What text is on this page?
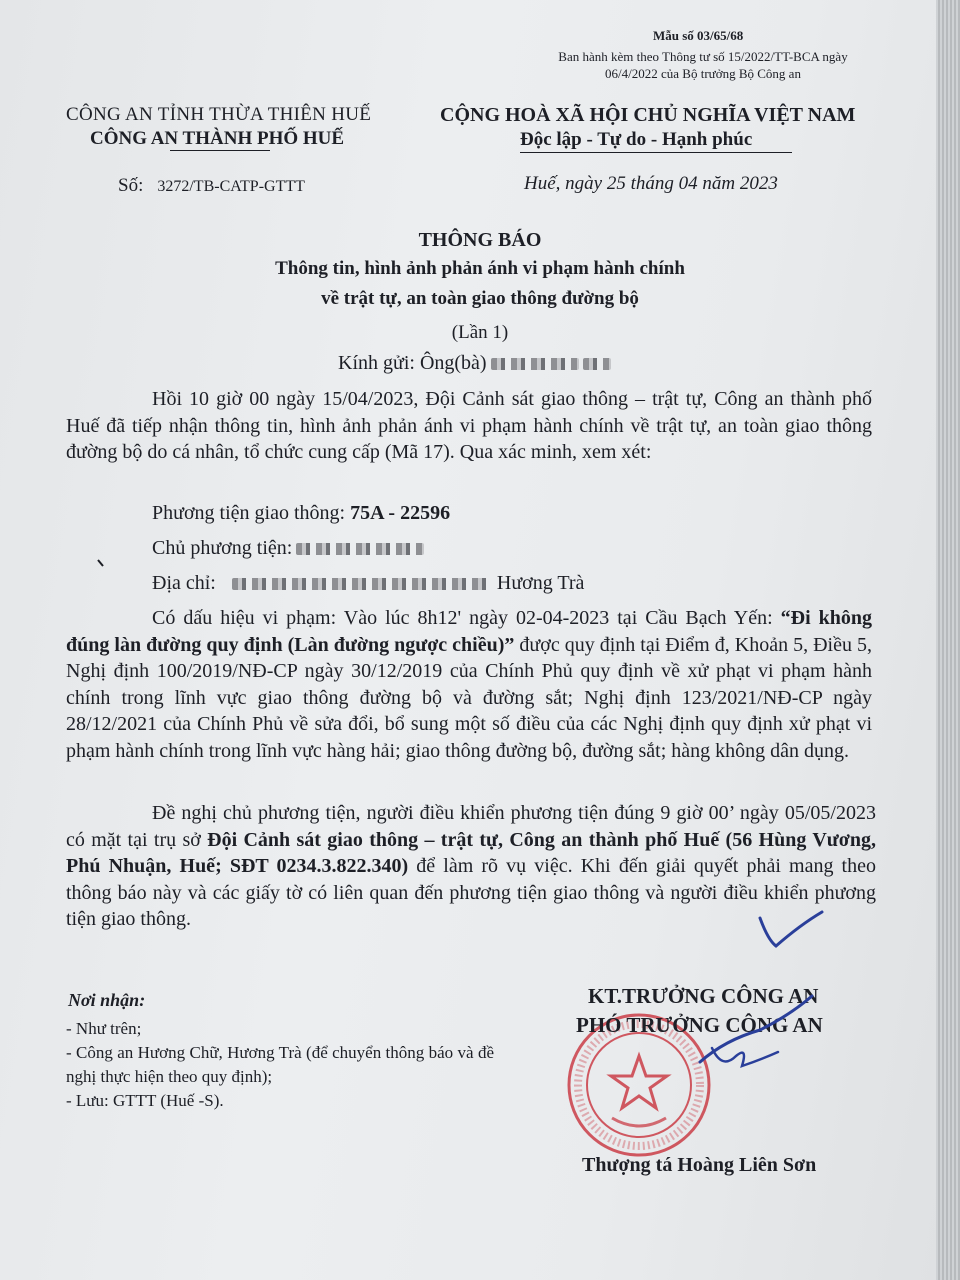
Mẫu số 03/65/68
Ban hành kèm theo Thông tư số 15/2022/TT-BCA ngày 06/4/2022 của Bộ trưởng Bộ Công an
CÔNG AN TỈNH THỪA THIÊN HUẾ
CÔNG AN THÀNH PHỐ HUẾ
CỘNG HOÀ XÃ HỘI CHỦ NGHĨA VIỆT NAM
Độc lập - Tự do - Hạnh phúc
Số: 3272/TB-CATP-GTTT	Huế, ngày 25 tháng 04 năm 2023
THÔNG BÁO
Thông tin, hình ảnh phản ánh vi phạm hành chính
về trật tự, an toàn giao thông đường bộ
(Lần 1)
Kính gửi: Ông(bà)

Hồi 10 giờ 00 ngày 15/04/2023, Đội Cảnh sát giao thông – trật tự, Công an thành phố Huế đã tiếp nhận thông tin, hình ảnh phản ánh vi phạm hành chính về trật tự, an toàn giao thông đường bộ do cá nhân, tổ chức cung cấp (Mã 17). Qua xác minh, xem xét:

Phương tiện giao thông: 75A - 22596
Chủ phương tiện:
Địa chỉ:	Hương Trà

Có dấu hiệu vi phạm: Vào lúc 8h12' ngày 02-04-2023 tại Cầu Bạch Yến: “Đi không đúng làn đường quy định (Làn đường ngược chiều)” được quy định tại Điểm đ, Khoản 5, Điều 5, Nghị định 100/2019/NĐ-CP ngày 30/12/2019 của Chính Phủ quy định về xử phạt vi phạm hành chính trong lĩnh vực giao thông đường bộ và đường sắt; Nghị định 123/2021/NĐ-CP ngày 28/12/2021 của Chính Phủ về sửa đổi, bổ sung một số điều của các Nghị định quy định xử phạt vi phạm hành chính trong lĩnh vực hàng hải; giao thông đường bộ, đường sắt; hàng không dân dụng.

Đề nghị chủ phương tiện, người điều khiển phương tiện đúng 9 giờ 00’ ngày 05/05/2023 có mặt tại trụ sở Đội Cảnh sát giao thông – trật tự, Công an thành phố Huế (56 Hùng Vương, Phú Nhuận, Huế; SĐT 0234.3.822.340) để làm rõ vụ việc. Khi đến giải quyết phải mang theo thông báo này và các giấy tờ có liên quan đến phương tiện giao thông và người điều khiển phương tiện giao thông.

Nơi nhận:
- Như trên;
- Công an Hương Chữ, Hương Trà (để chuyển thông báo và đề nghị thực hiện theo quy định);
- Lưu: GTTT (Huế -S).
KT.TRƯỞNG CÔNG AN
PHÓ TRƯỞNG CÔNG AN
Thượng tá Hoàng Liên Sơn
